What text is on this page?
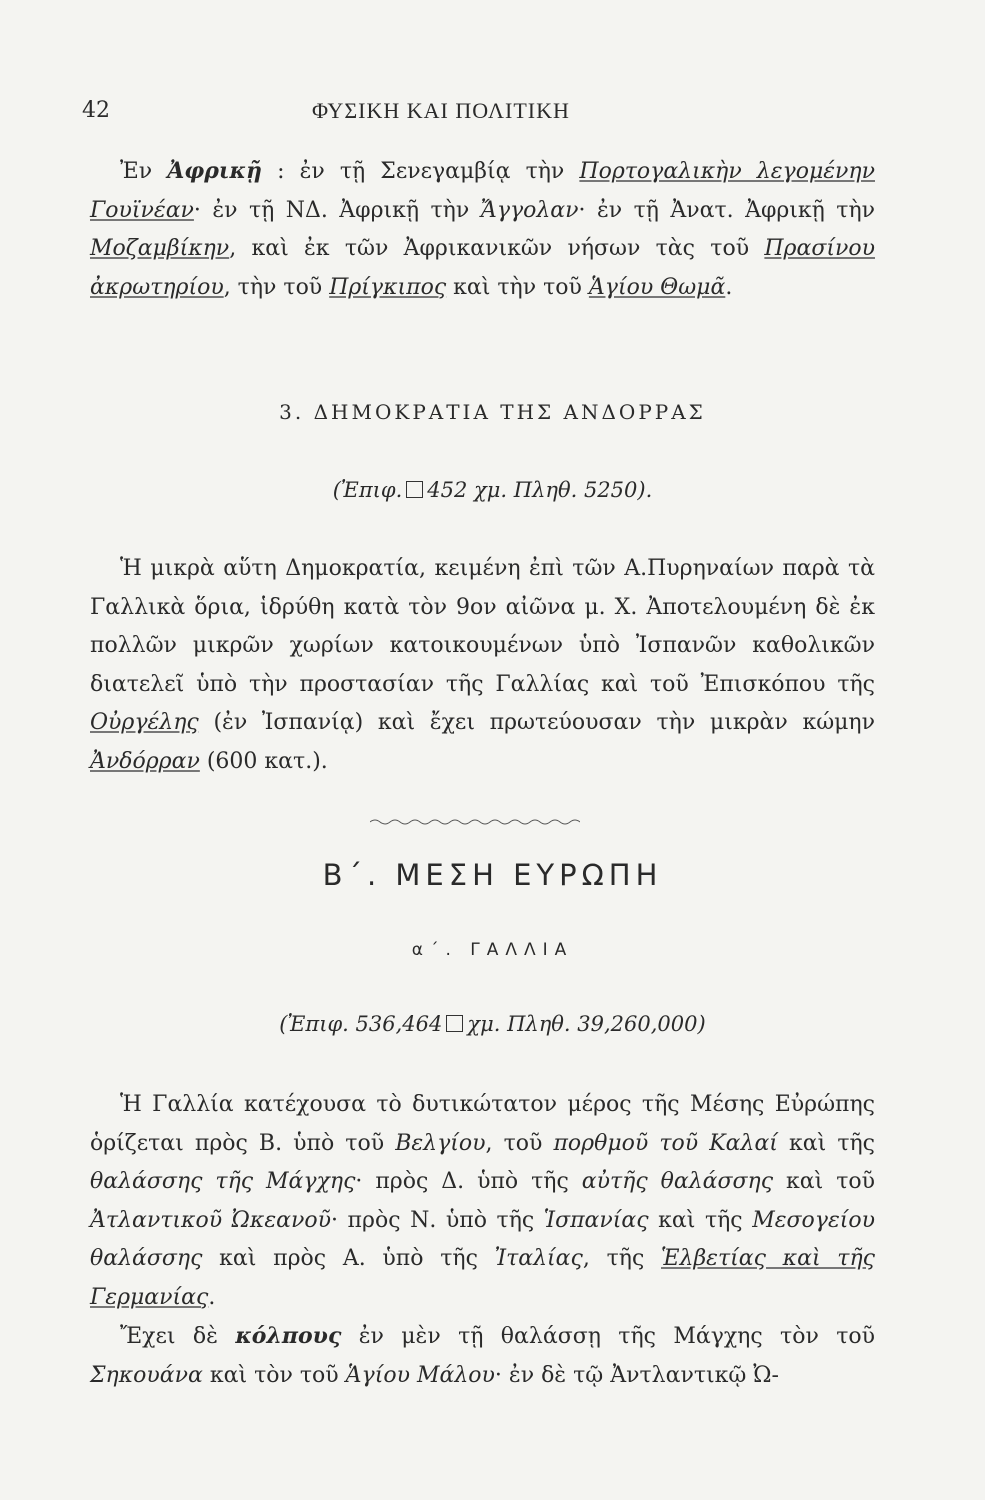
42	ΦΥΣΙΚΗ ΚΑΙ ΠΟΛΙΤΙΚΗ

Ἐν Ἀφρικῇ : ἐν τῇ Σενεγαμβίᾳ τὴν Πορτογαλικὴν λεγομένην Γουϊνέαν· ἐν τῇ ΝΔ. Ἀφρικῇ τὴν Ἄγγολαν· ἐν τῇ Ἀνατ. Ἀφρικῇ τὴν Μοζαμβίκην, καὶ ἐκ τῶν Ἀφρικανικῶν νήσων τὰς τοῦ Πρασίνου ἀκρωτηρίου, τὴν τοῦ Πρίγκιπος καὶ τὴν τοῦ Ἁγίου Θωμᾶ.

3. ΔΗΜΟΚΡΑΤΙΑ ΤΗΣ ΑΝΔΟΡΡΑΣ

(Ἐπιφ. 452 χμ. Πληθ. 5250).

Ἡ μικρὰ αὕτη Δημοκρατία, κειμένη ἐπὶ τῶν Α.Πυρηναίων παρὰ τὰ Γαλλικὰ ὅρια, ἱδρύθη κατὰ τὸν 9ον αἰῶνα μ. Χ. Ἀποτελουμένη δὲ ἐκ πολλῶν μικρῶν χωρίων κατοικουμένων ὑπὸ Ἰσπανῶν καθολικῶν διατελεῖ ὑπὸ τὴν προστασίαν τῆς Γαλλίας καὶ τοῦ Ἐπισκόπου τῆς Οὐργέλης (ἐν Ἰσπανίᾳ) καὶ ἔχει πρωτεύουσαν τὴν μικρὰν κώμην Ἀνδόρραν (600 κατ.).

Β΄. ΜΕΣΗ ΕΥΡΩΠΗ

α΄. ΓΑΛΛΙΑ

(Ἐπιφ. 536,464 χμ. Πληθ. 39,260,000)

Ἡ Γαλλία κατέχουσα τὸ δυτικώτατον μέρος τῆς Μέσης Εὐρώπης ὁρίζεται πρὸς Β. ὑπὸ τοῦ Βελγίου, τοῦ πορθμοῦ τοῦ Καλαί καὶ τῆς θαλάσσης τῆς Μάγχης· πρὸς Δ. ὑπὸ τῆς αὐτῆς θαλάσσης καὶ τοῦ Ἀτλαντικοῦ Ὠκεανοῦ· πρὸς Ν. ὑπὸ τῆς Ἱσπανίας καὶ τῆς Μεσογείου θαλάσσης καὶ πρὸς Α. ὑπὸ τῆς Ἰταλίας, τῆς Ἑλβετίας καὶ τῆς Γερμανίας.

Ἔχει δὲ κόλπους ἐν μὲν τῇ θαλάσσῃ τῆς Μάγχης τὸν τοῦ Σηκουάνα καὶ τὸν τοῦ Ἁγίου Μάλου· ἐν δὲ τῷ Ἀντλαντικῷ Ὠ-
